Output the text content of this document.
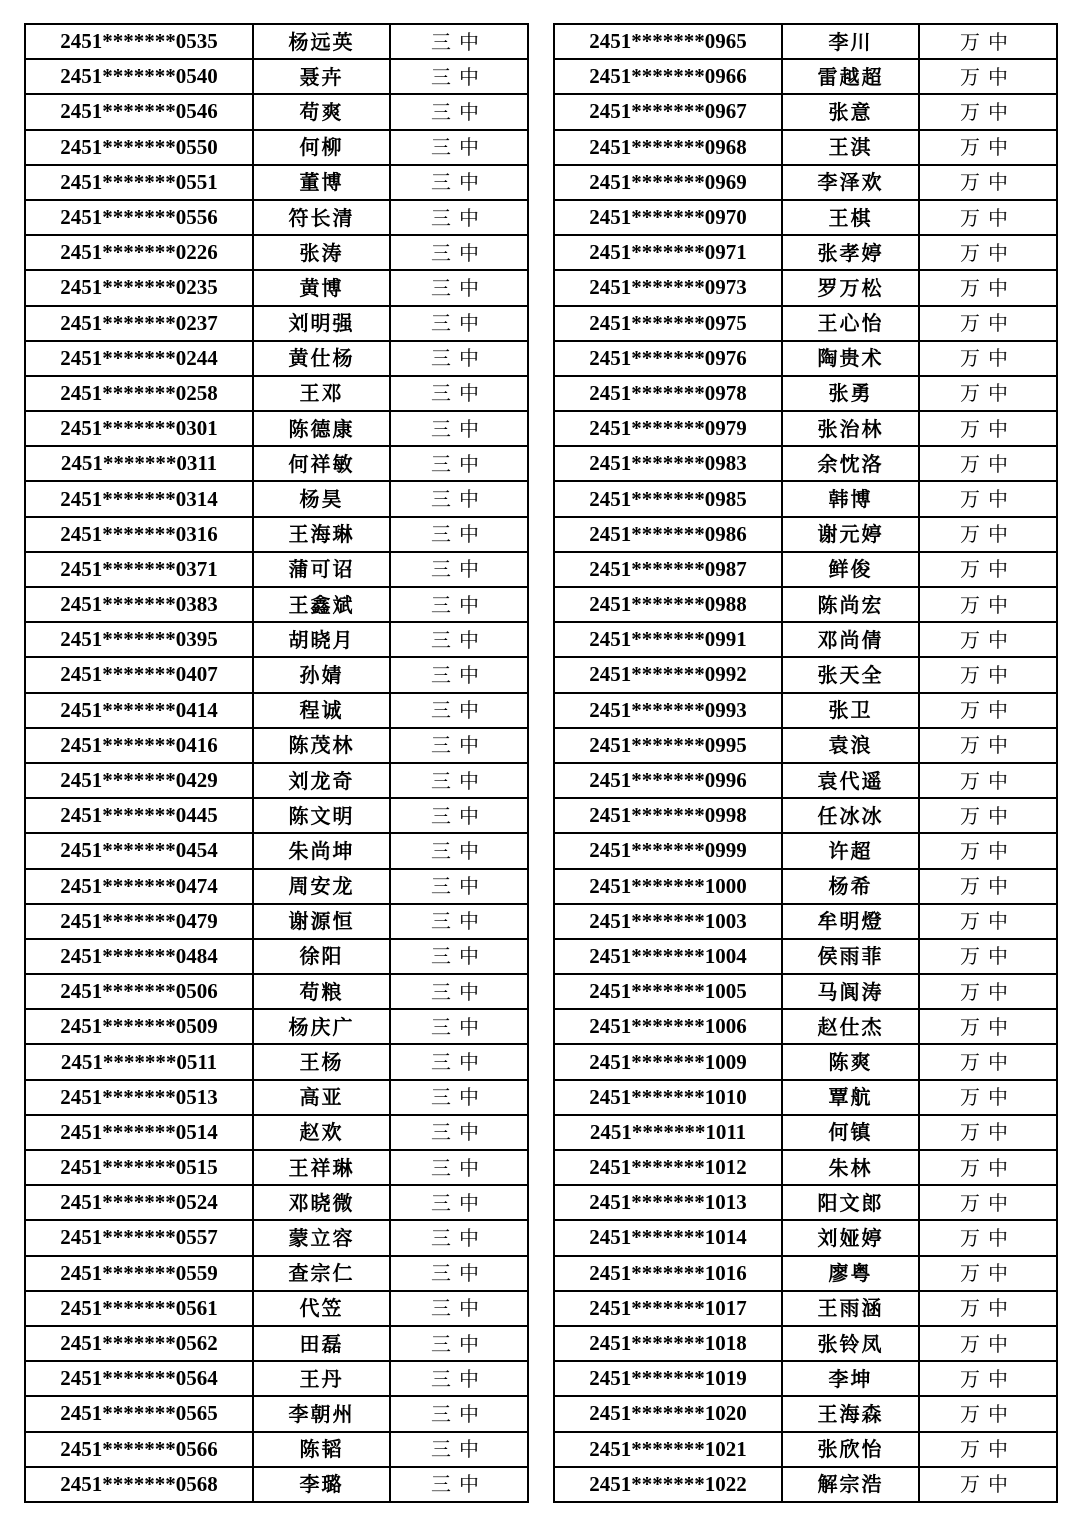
2451*******0535	杨远英	三中
2451*******0540	聂卉	三中
2451*******0546	苟爽	三中
2451*******0550	何柳	三中
2451*******0551	董博	三中
2451*******0556	符长清	三中
2451*******0226	张涛	三中
2451*******0235	黄博	三中
2451*******0237	刘明强	三中
2451*******0244	黄仕杨	三中
2451*******0258	王邓	三中
2451*******0301	陈德康	三中
2451*******0311	何祥敏	三中
2451*******0314	杨昊	三中
2451*******0316	王海琳	三中
2451*******0371	蒲可诏	三中
2451*******0383	王鑫斌	三中
2451*******0395	胡晓月	三中
2451*******0407	孙婧	三中
2451*******0414	程诚	三中
2451*******0416	陈茂林	三中
2451*******0429	刘龙奇	三中
2451*******0445	陈文明	三中
2451*******0454	朱尚坤	三中
2451*******0474	周安龙	三中
2451*******0479	谢源恒	三中
2451*******0484	徐阳	三中
2451*******0506	苟粮	三中
2451*******0509	杨庆广	三中
2451*******0511	王杨	三中
2451*******0513	高亚	三中
2451*******0514	赵欢	三中
2451*******0515	王祥琳	三中
2451*******0524	邓晓微	三中
2451*******0557	蒙立容	三中
2451*******0559	查宗仁	三中
2451*******0561	代笠	三中
2451*******0562	田磊	三中
2451*******0564	王丹	三中
2451*******0565	李朝州	三中
2451*******0566	陈韬	三中
2451*******0568	李璐	三中
2451*******0965	李川	万中
2451*******0966	雷越超	万中
2451*******0967	张意	万中
2451*******0968	王淇	万中
2451*******0969	李泽欢	万中
2451*******0970	王棋	万中
2451*******0971	张孝婷	万中
2451*******0973	罗万松	万中
2451*******0975	王心怡	万中
2451*******0976	陶贵术	万中
2451*******0978	张勇	万中
2451*******0979	张治林	万中
2451*******0983	余忱洛	万中
2451*******0985	韩博	万中
2451*******0986	谢元婷	万中
2451*******0987	鲜俊	万中
2451*******0988	陈尚宏	万中
2451*******0991	邓尚倩	万中
2451*******0992	张天全	万中
2451*******0993	张卫	万中
2451*******0995	袁浪	万中
2451*******0996	袁代遥	万中
2451*******0998	任冰冰	万中
2451*******0999	许超	万中
2451*******1000	杨希	万中
2451*******1003	牟明燈	万中
2451*******1004	侯雨菲	万中
2451*******1005	马阆涛	万中
2451*******1006	赵仕杰	万中
2451*******1009	陈爽	万中
2451*******1010	覃航	万中
2451*******1011	何镇	万中
2451*******1012	朱林	万中
2451*******1013	阳文郎	万中
2451*******1014	刘娅婷	万中
2451*******1016	廖粤	万中
2451*******1017	王雨涵	万中
2451*******1018	张铃凤	万中
2451*******1019	李坤	万中
2451*******1020	王海森	万中
2451*******1021	张欣怡	万中
2451*******1022	解宗浩	万中
